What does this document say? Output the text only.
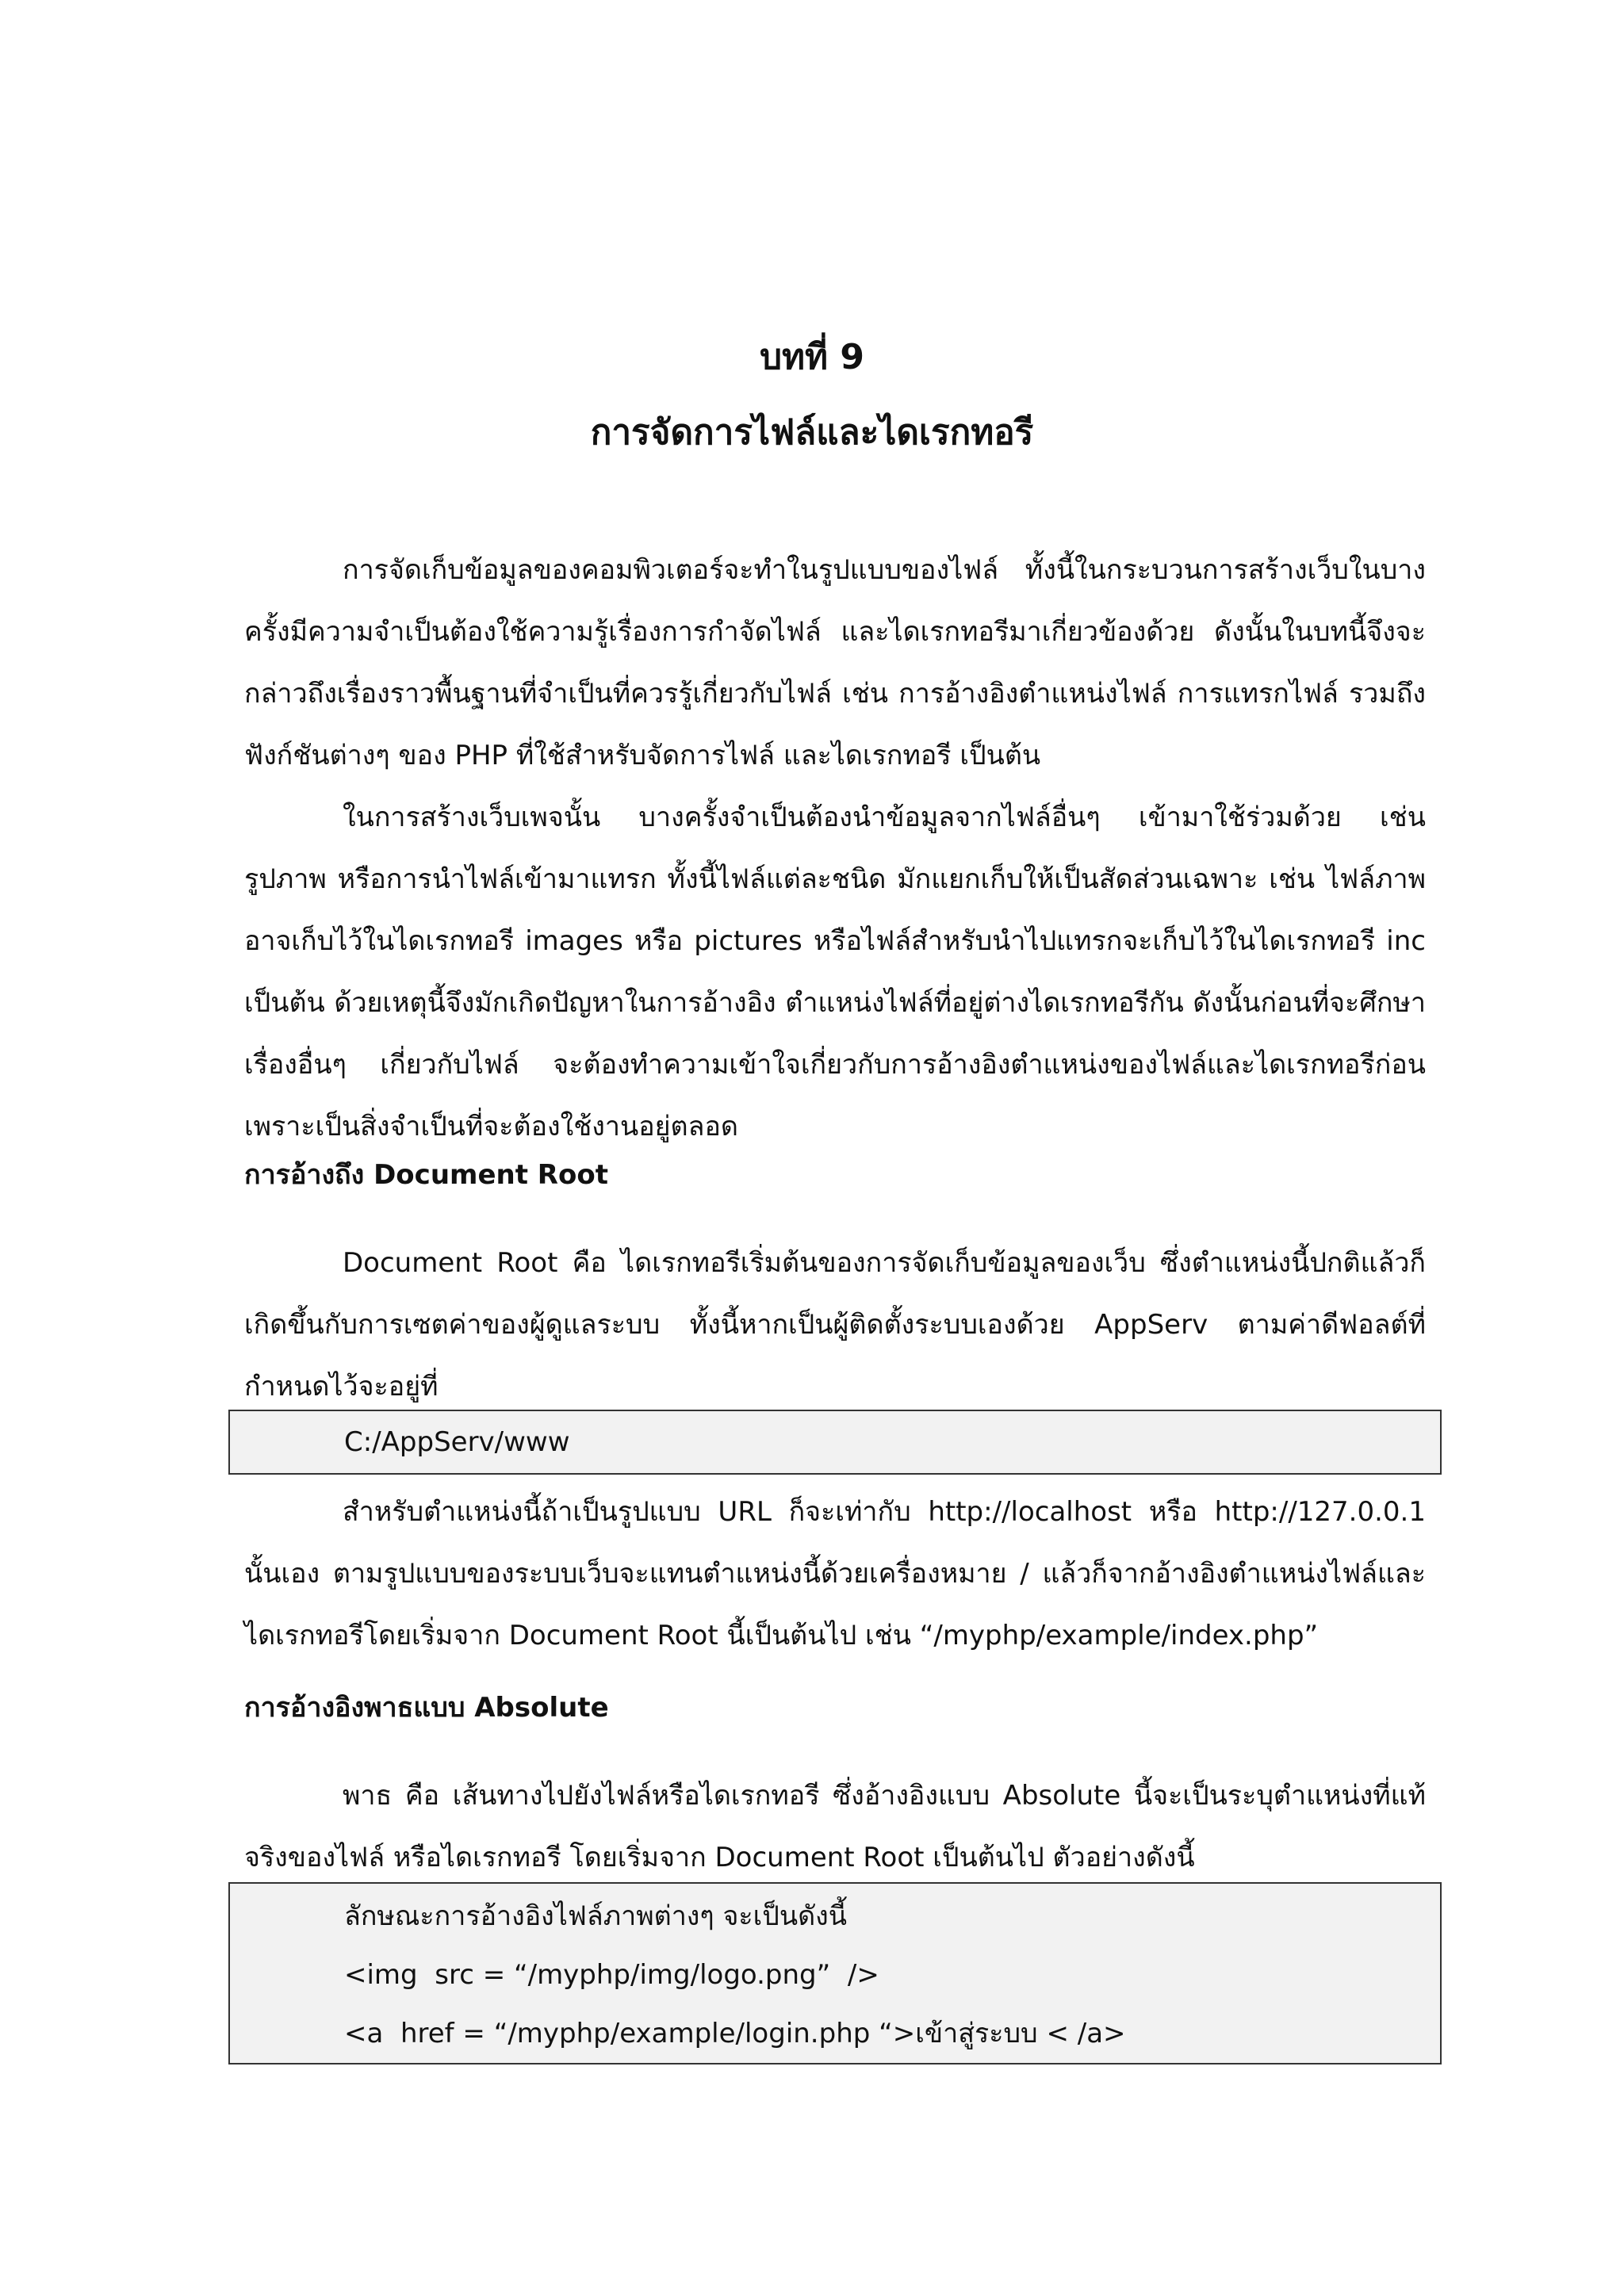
บทที่ 9
การจัดการไฟล์และไดเรกทอรี

การจัดเก็บข้อมูลของคอมพิวเตอร์จะทำในรูปแบบของไฟล์ ทั้งนี้ในกระบวนการสร้างเว็บในบางครั้งมีความจำเป็นต้องใช้ความรู้เรื่องการกำจัดไฟล์ และไดเรกทอรีมาเกี่ยวข้องด้วย ดังนั้นในบทนี้จึงจะกล่าวถึงเรื่องราวพื้นฐานที่จำเป็นที่ควรรู้เกี่ยวกับไฟล์ เช่น การอ้างอิงตำแหน่งไฟล์ การแทรกไฟล์ รวมถึงฟังก์ชันต่างๆ ของ PHP ที่ใช้สำหรับจัดการไฟล์ และไดเรกทอรี เป็นต้น

ในการสร้างเว็บเพจนั้น บางครั้งจำเป็นต้องนำข้อมูลจากไฟล์อื่นๆ เข้ามาใช้ร่วมด้วย เช่น รูปภาพ หรือการนำไฟล์เข้ามาแทรก ทั้งนี้ไฟล์แต่ละชนิด มักแยกเก็บให้เป็นสัดส่วนเฉพาะ เช่น ไฟล์ภาพ อาจเก็บไว้ในไดเรกทอรี images หรือ pictures หรือไฟล์สำหรับนำไปแทรกจะเก็บไว้ในไดเรกทอรี inc เป็นต้น ด้วยเหตุนี้จึงมักเกิดปัญหาในการอ้างอิง ตำแหน่งไฟล์ที่อยู่ต่างไดเรกทอรีกัน ดังนั้นก่อนที่จะศึกษาเรื่องอื่นๆ เกี่ยวกับไฟล์ จะต้องทำความเข้าใจเกี่ยวกับการอ้างอิงตำแหน่งของไฟล์และไดเรกทอรีก่อน เพราะเป็นสิ่งจำเป็นที่จะต้องใช้งานอยู่ตลอด

การอ้างถึง Document Root

Document Root คือ ไดเรกทอรีเริ่มต้นของการจัดเก็บข้อมูลของเว็บ ซึ่งตำแหน่งนี้ปกติแล้วก็เกิดขึ้นกับการเซตค่าของผู้ดูแลระบบ ทั้งนี้หากเป็นผู้ติดตั้งระบบเองด้วย AppServ ตามค่าดีฟอลต์ที่กำหนดไว้จะอยู่ที่

C:/AppServ/www

สำหรับตำแหน่งนี้ถ้าเป็นรูปแบบ URL ก็จะเท่ากับ http://localhost หรือ http://127.0.0.1 นั้นเอง ตามรูปแบบของระบบเว็บจะแทนตำแหน่งนี้ด้วยเครื่องหมาย / แล้วก็จากอ้างอิงตำแหน่งไฟล์และไดเรกทอรีโดยเริ่มจาก Document Root นี้เป็นต้นไป เช่น “/myphp/example/index.php”

การอ้างอิงพาธแบบ Absolute

พาธ คือ เส้นทางไปยังไฟล์หรือไดเรกทอรี ซึ่งอ้างอิงแบบ Absolute นี้จะเป็นระบุตำแหน่งที่แท้จริงของไฟล์ หรือไดเรกทอรี โดยเริ่มจาก Document Root เป็นต้นไป ตัวอย่างดังนี้

ลักษณะการอ้างอิงไฟล์ภาพต่างๆ จะเป็นดังนี้
<img  src = “/myphp/img/logo.png”  />
<a  href = “/myphp/example/login.php “>เข้าสู่ระบบ < /a>
